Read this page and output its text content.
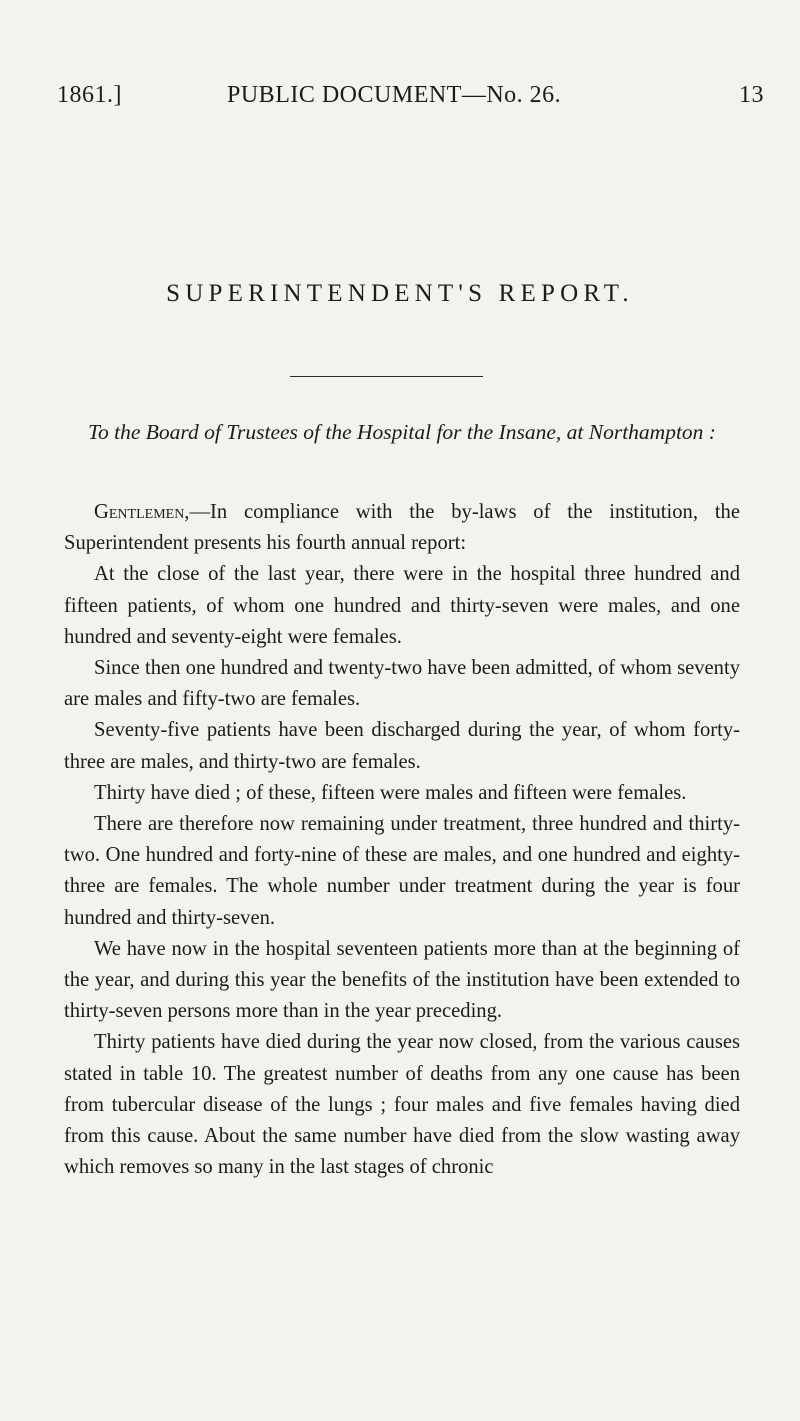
1861.]	PUBLIC DOCUMENT—No. 26.	13
SUPERINTENDENT'S REPORT.
To the Board of Trustees of the Hospital for the Insane, at Northampton :

Gentlemen,—In compliance with the by-laws of the institution, the Superintendent presents his fourth annual report:

At the close of the last year, there were in the hospital three hundred and fifteen patients, of whom one hundred and thirty-seven were males, and one hundred and seventy-eight were females.

Since then one hundred and twenty-two have been admitted, of whom seventy are males and fifty-two are females.

Seventy-five patients have been discharged during the year, of whom forty-three are males, and thirty-two are females.

Thirty have died ; of these, fifteen were males and fifteen were females.

There are therefore now remaining under treatment, three hundred and thirty-two. One hundred and forty-nine of these are males, and one hundred and eighty-three are females. The whole number under treatment during the year is four hundred and thirty-seven.

We have now in the hospital seventeen patients more than at the beginning of the year, and during this year the benefits of the institution have been extended to thirty-seven persons more than in the year preceding.

Thirty patients have died during the year now closed, from the various causes stated in table 10. The greatest number of deaths from any one cause has been from tubercular disease of the lungs ; four males and five females having died from this cause. About the same number have died from the slow wasting away which removes so many in the last stages of chronic
